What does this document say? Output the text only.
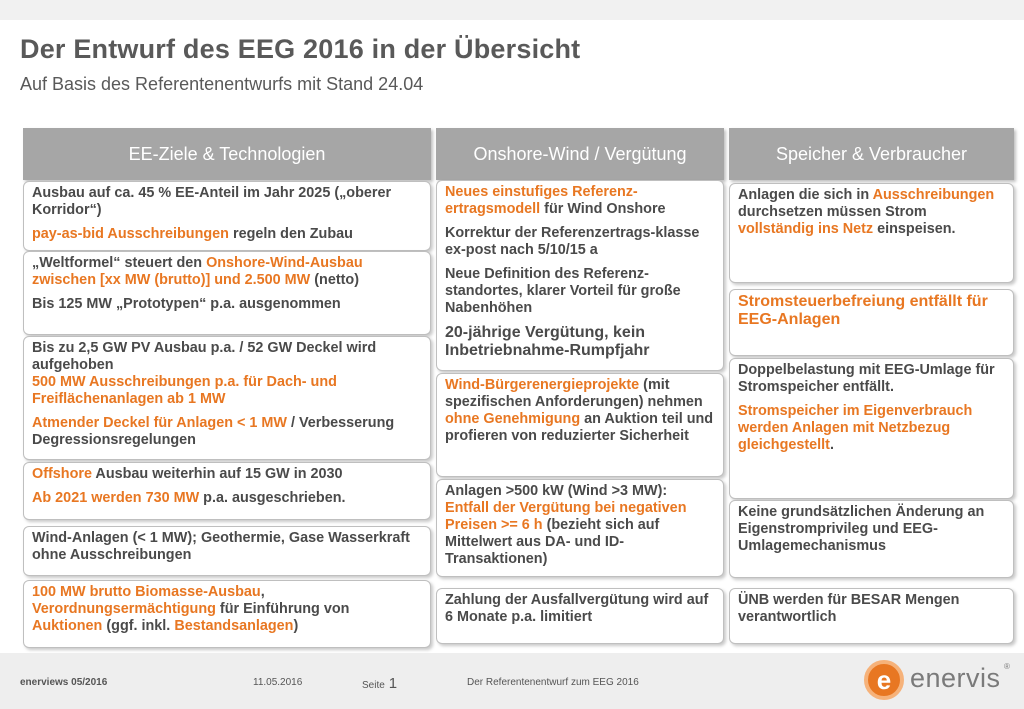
Der Entwurf des EEG 2016 in der Übersicht
Auf Basis des Referentenentwurfs mit Stand 24.04
EE-Ziele & Technologien	Onshore-Wind / Vergütung	Speicher & Verbraucher

Ausbau auf ca. 45 % EE-Anteil im Jahr 2025 („oberer Korridor“)

pay-as-bid Ausschreibungen regeln den Zubau

„Weltformel“ steuert den Onshore-Wind-Ausbau zwischen [xx MW (brutto)] und 2.500 MW (netto)

Bis 125 MW „Prototypen“ p.a. ausgenommen

Bis zu 2,5 GW PV Ausbau p.a. / 52 GW Deckel wird aufgehoben
500 MW Ausschreibungen p.a. für Dach- und Freiflächenanlagen ab 1 MW

Atmender Deckel für Anlagen < 1 MW / Verbesserung Degressionsregelungen

Offshore Ausbau weiterhin auf 15 GW in 2030

Ab 2021 werden 730 MW p.a. ausgeschrieben.

Wind-Anlagen (< 1 MW); Geothermie, Gase Wasserkraft ohne Ausschreibungen

100 MW brutto Biomasse-Ausbau, Verordnungsermächtigung für Einführung von Auktionen (ggf. inkl. Bestandsanlagen)

Neues einstufiges Referenz-ertragsmodell für Wind Onshore

Korrektur der Referenzertrags-klasse ex-post nach 5/10/15 a

Neue Definition des Referenz-standortes, klarer Vorteil für große Nabenhöhen

20-jährige Vergütung, kein Inbetriebnahme-Rumpfjahr

Wind-Bürgerenergieprojekte (mit spezifischen Anforderungen) nehmen ohne Genehmigung an Auktion teil und profieren von reduzierter Sicherheit

Anlagen >500 kW (Wind >3 MW): Entfall der Vergütung bei negativen Preisen >= 6 h (bezieht sich auf Mittelwert aus DA- und ID-Transaktionen)

Zahlung der Ausfallvergütung wird auf 6 Monate p.a. limitiert

Anlagen die sich in Ausschreibungen durchsetzen müssen Strom vollständig ins Netz einspeisen.

Stromsteuerbefreiung entfällt für EEG-Anlagen

Doppelbelastung mit EEG-Umlage für Stromspeicher entfällt.

Stromspeicher im Eigenverbrauch werden Anlagen mit Netzbezug gleichgestellt.

Keine grundsätzlichen Änderung an Eigenstromprivileg und EEG-Umlagemechanismus

ÜNB werden für BESAR Mengen verantwortlich

enerviews 05/2016	11.05.2016	Seite 1	Der Referentenentwurf zum EEG 2016	e enervis ®
